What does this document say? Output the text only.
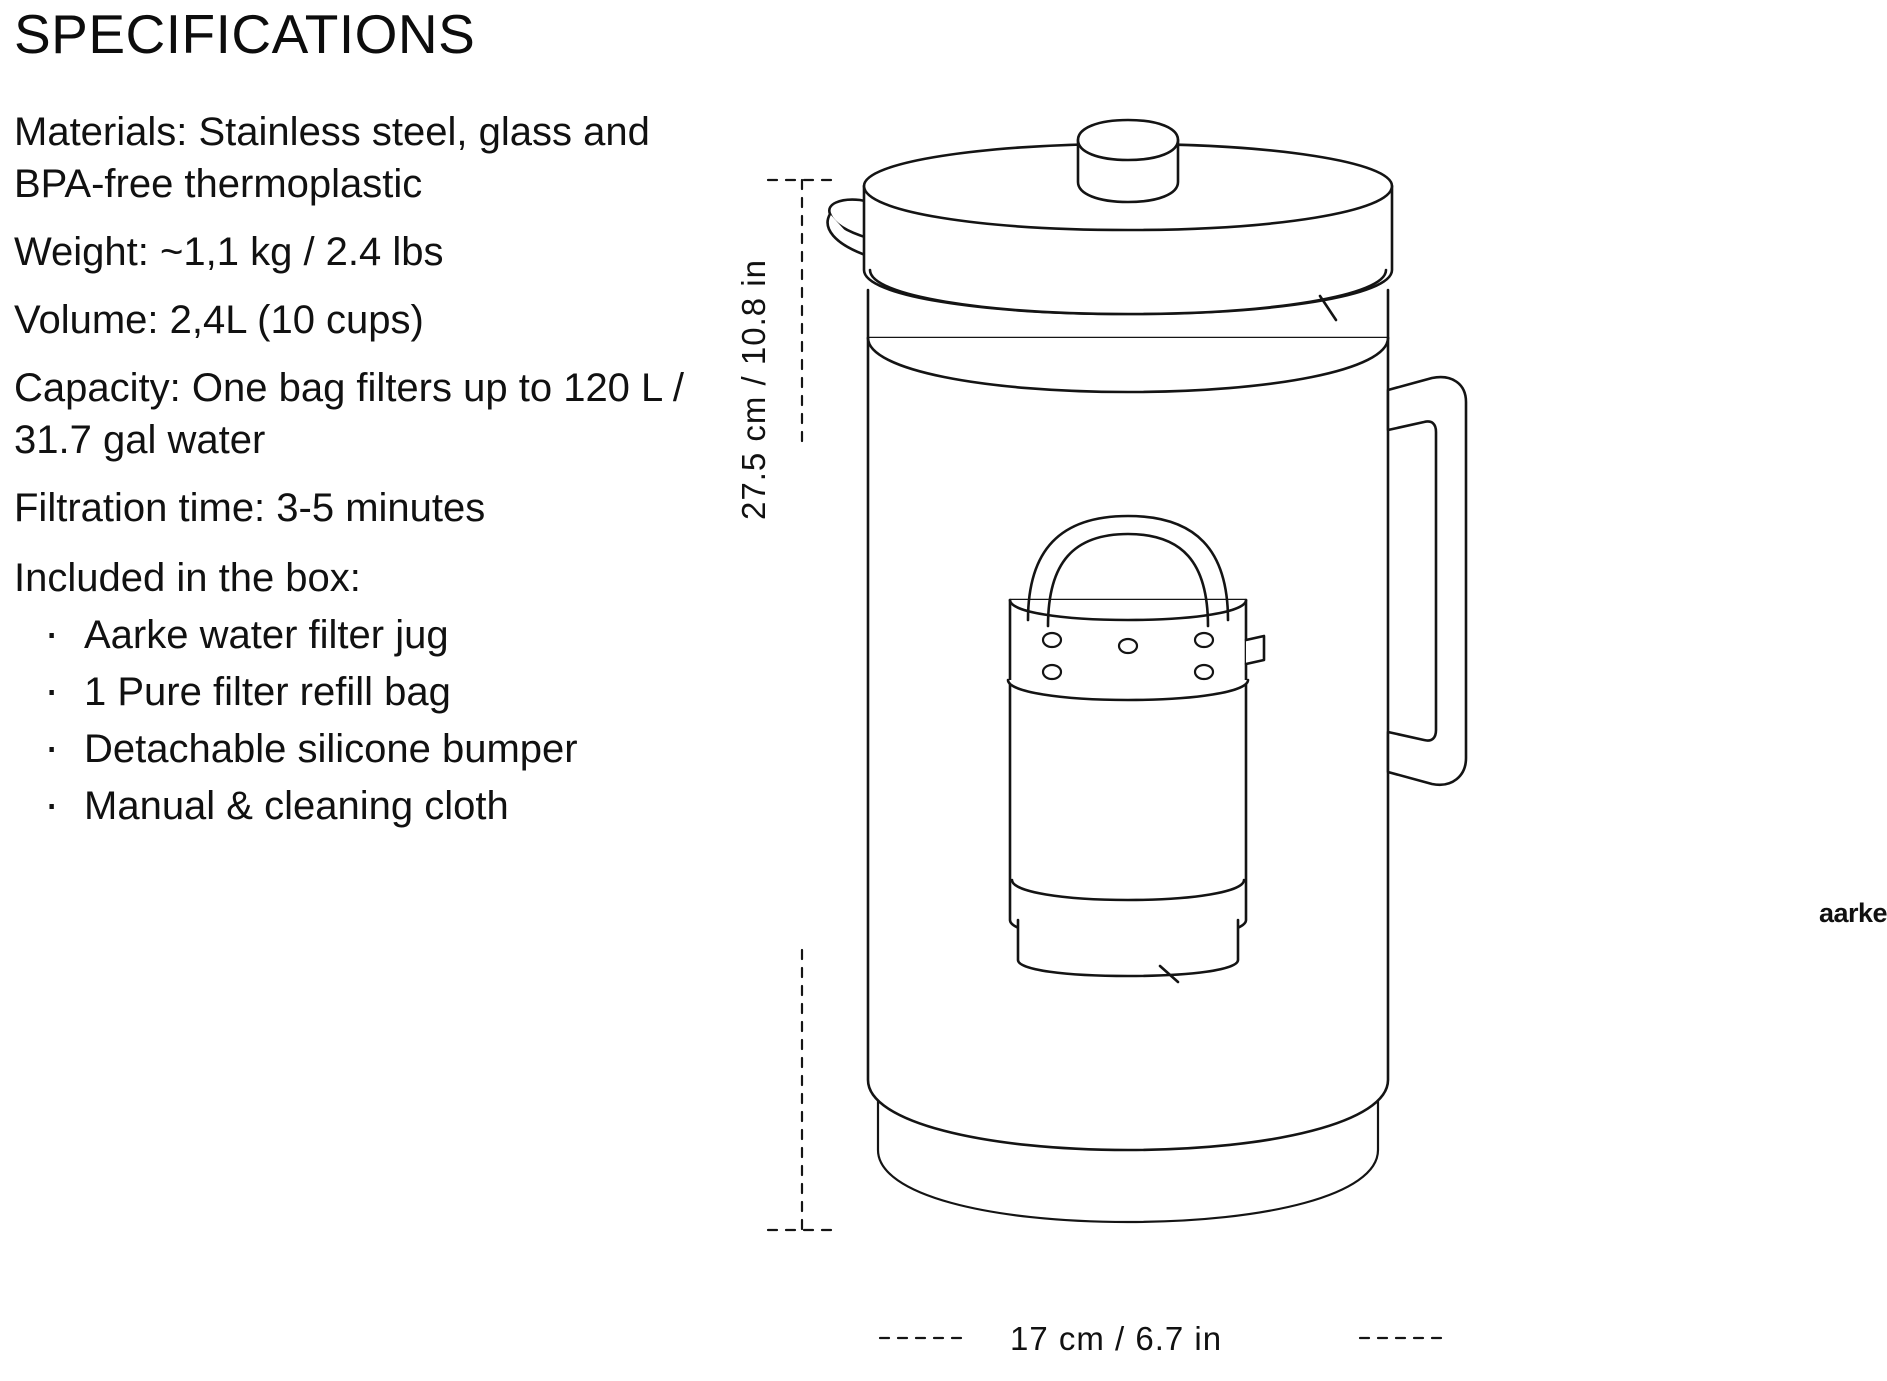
SPECIFICATIONS

Materials: Stainless steel, glass and BPA-free thermoplastic

Weight: ~1,1 kg / 2.4 lbs

Volume: 2,4L (10 cups)

Capacity: One bag filters up to 120 L / 31.7 gal water

Filtration time: 3-5 minutes

Included in the box:

· Aarke water filter jug
· 1 Pure filter refill bag
· Detachable silicone bumper
· Manual & cleaning cloth
27.5 cm / 10.8 in
17 cm / 6.7 in
aarke
